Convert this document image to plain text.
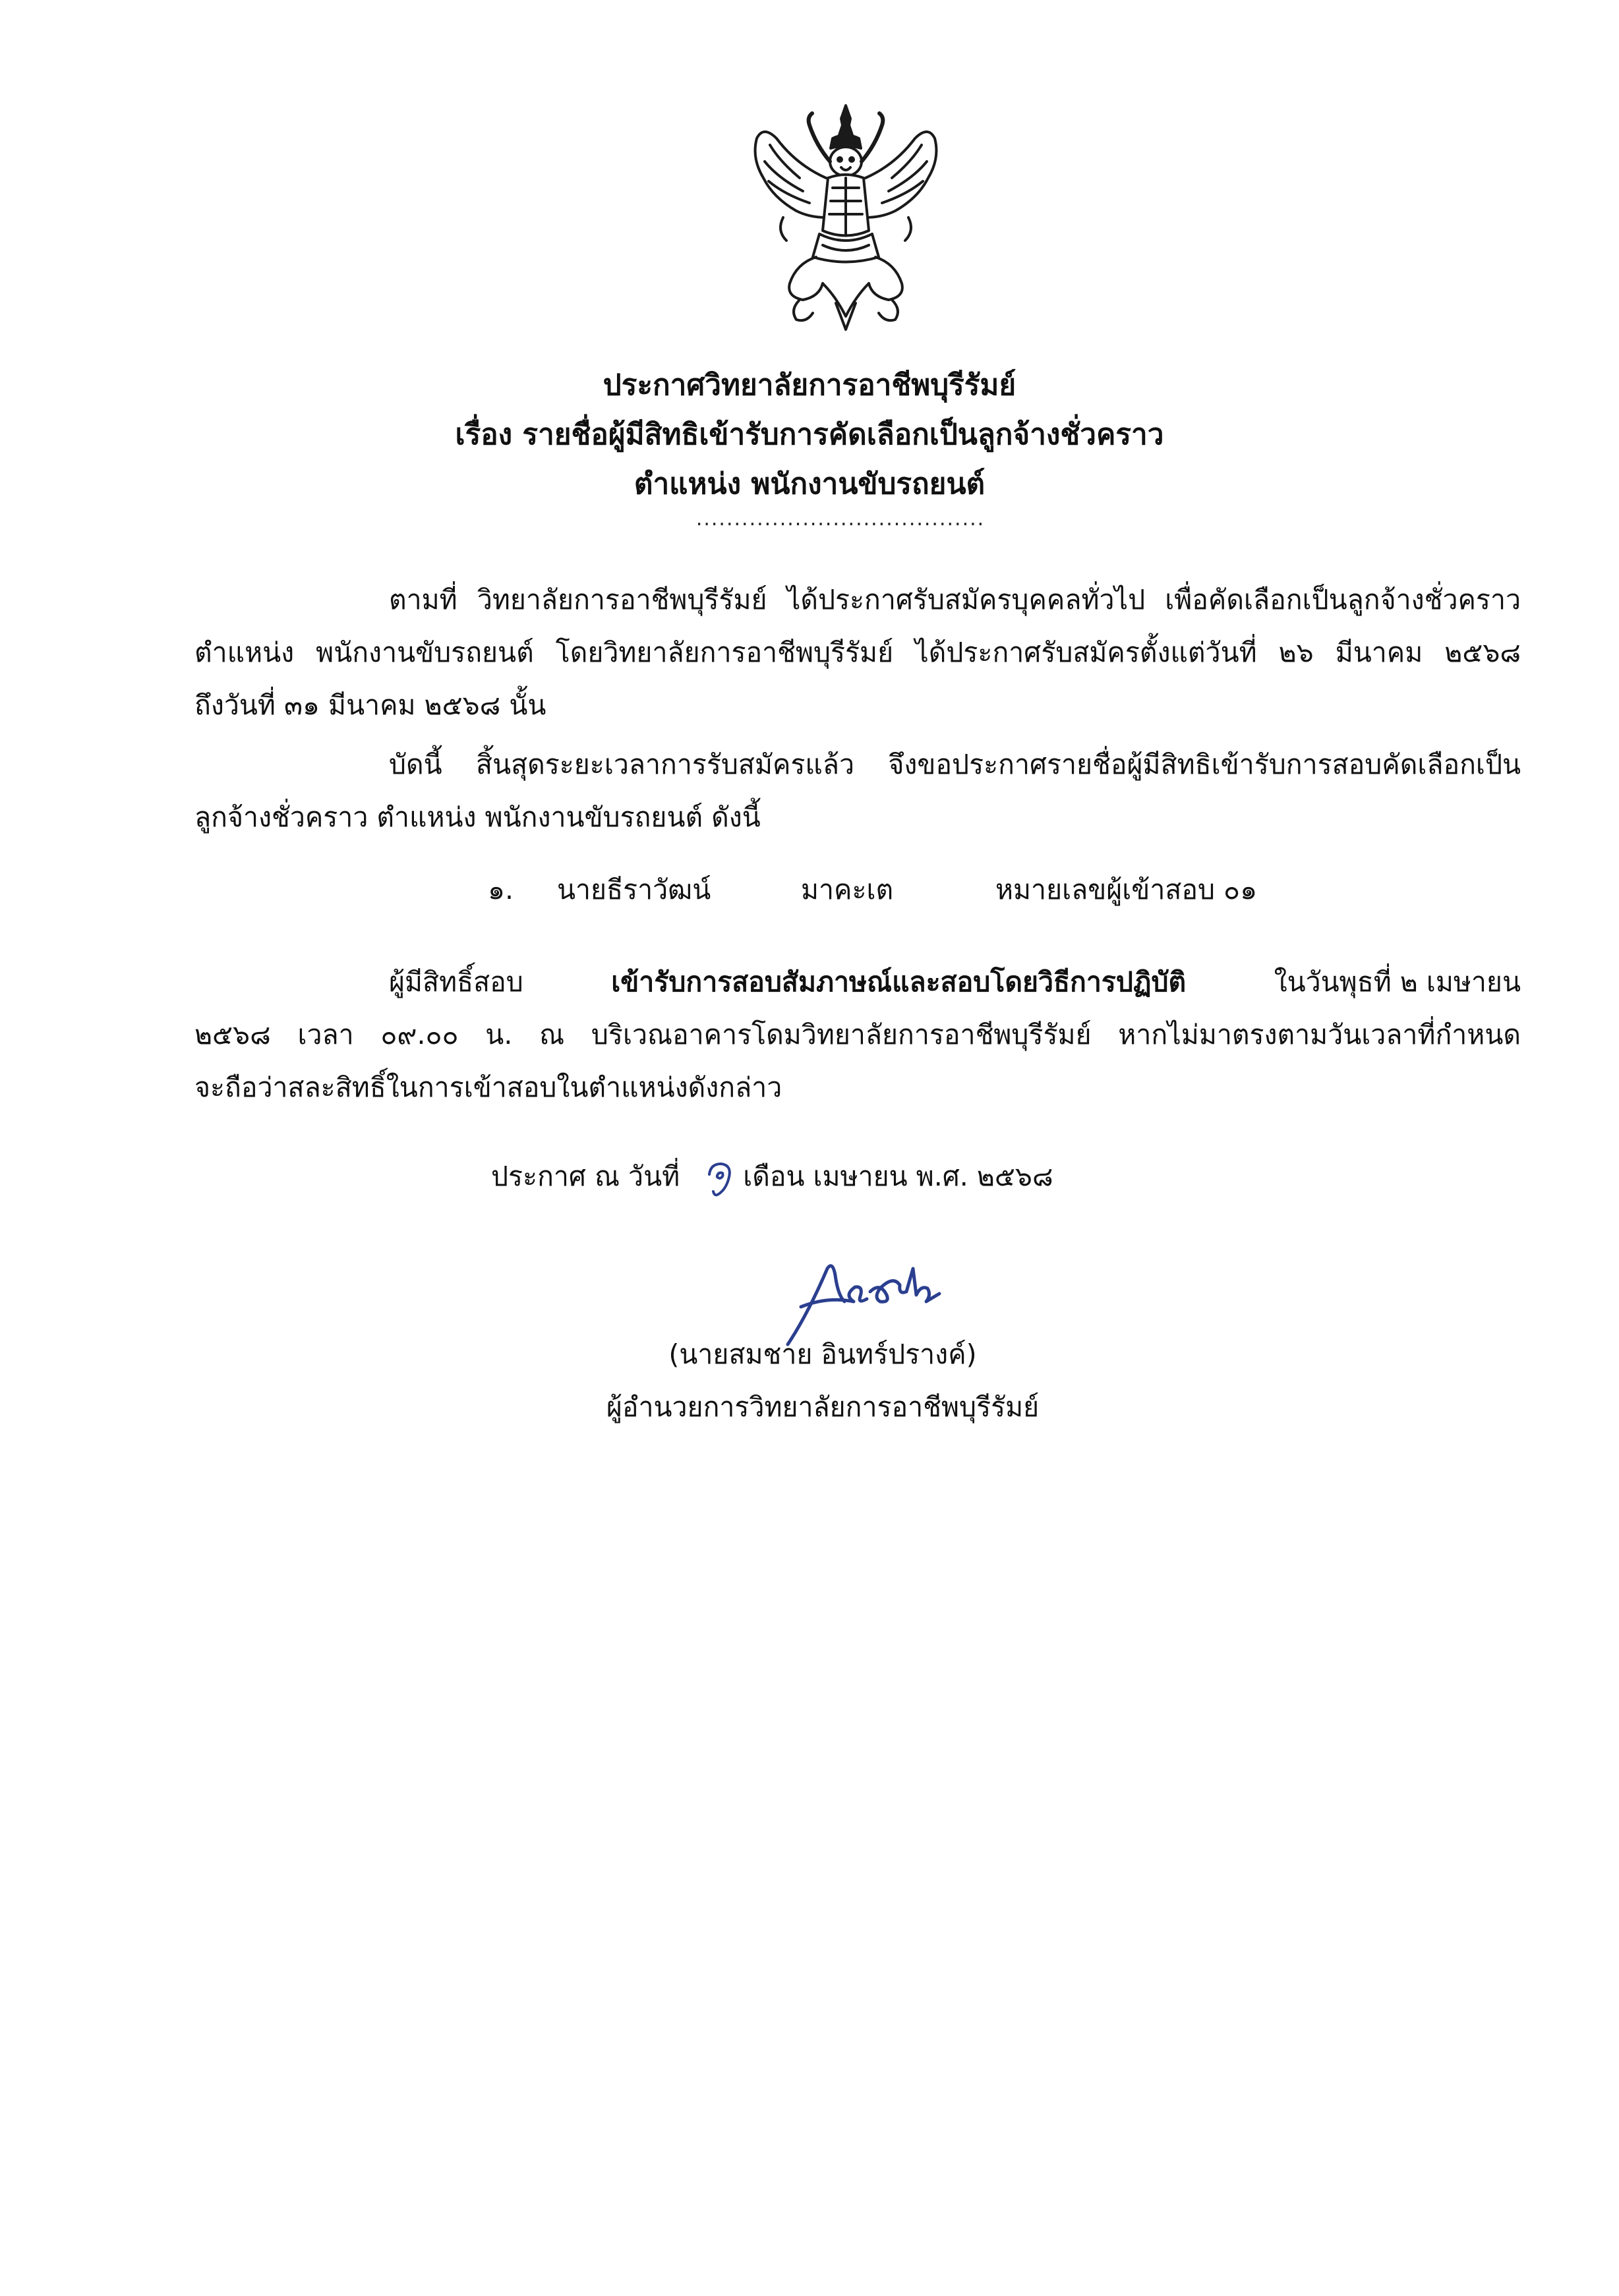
ประกาศวิทยาลัยการอาชีพบุรีรัมย์
เรื่อง รายชื่อผู้มีสิทธิเข้ารับการคัดเลือกเป็นลูกจ้างชั่วคราว
ตำแหน่ง พนักงานขับรถยนต์
......................................
ตามที่ วิทยาลัยการอาชีพบุรีรัมย์ ได้ประกาศรับสมัครบุคคลทั่วไป เพื่อคัดเลือกเป็นลูกจ้างชั่วคราว
ตำแหน่ง พนักงานขับรถยนต์ โดยวิทยาลัยการอาชีพบุรีรัมย์ ได้ประกาศรับสมัครตั้งแต่วันที่ ๒๖ มีนาคม ๒๕๖๘
ถึงวันที่ ๓๑ มีนาคม ๒๕๖๘ นั้น
บัดนี้ สิ้นสุดระยะเวลาการรับสมัครแล้ว จึงขอประกาศรายชื่อผู้มีสิทธิเข้ารับการสอบคัดเลือกเป็น
ลูกจ้างชั่วคราว ตำแหน่ง พนักงานขับรถยนต์ ดังนี้
๑. นายธีราวัฒน์	มาคะเต	หมายเลขผู้เข้าสอบ ๐๑
ผู้มีสิทธิ์สอบ	เข้ารับการสอบสัมภาษณ์และสอบโดยวิธีการปฏิบัติ	ในวันพุธที่ ๒ เมษายน
๒๕๖๘ เวลา ๐๙.๐๐ น. ณ บริเวณอาคารโดมวิทยาลัยการอาชีพบุรีรัมย์ หากไม่มาตรงตามวันเวลาที่กำหนด
จะถือว่าสละสิทธิ์ในการเข้าสอบในตำแหน่งดังกล่าว
ประกาศ ณ วันที่ เดือน เมษายน พ.ศ. ๒๕๖๘
(นายสมชาย อินทร์ปรางค์)
ผู้อำนวยการวิทยาลัยการอาชีพบุรีรัมย์
